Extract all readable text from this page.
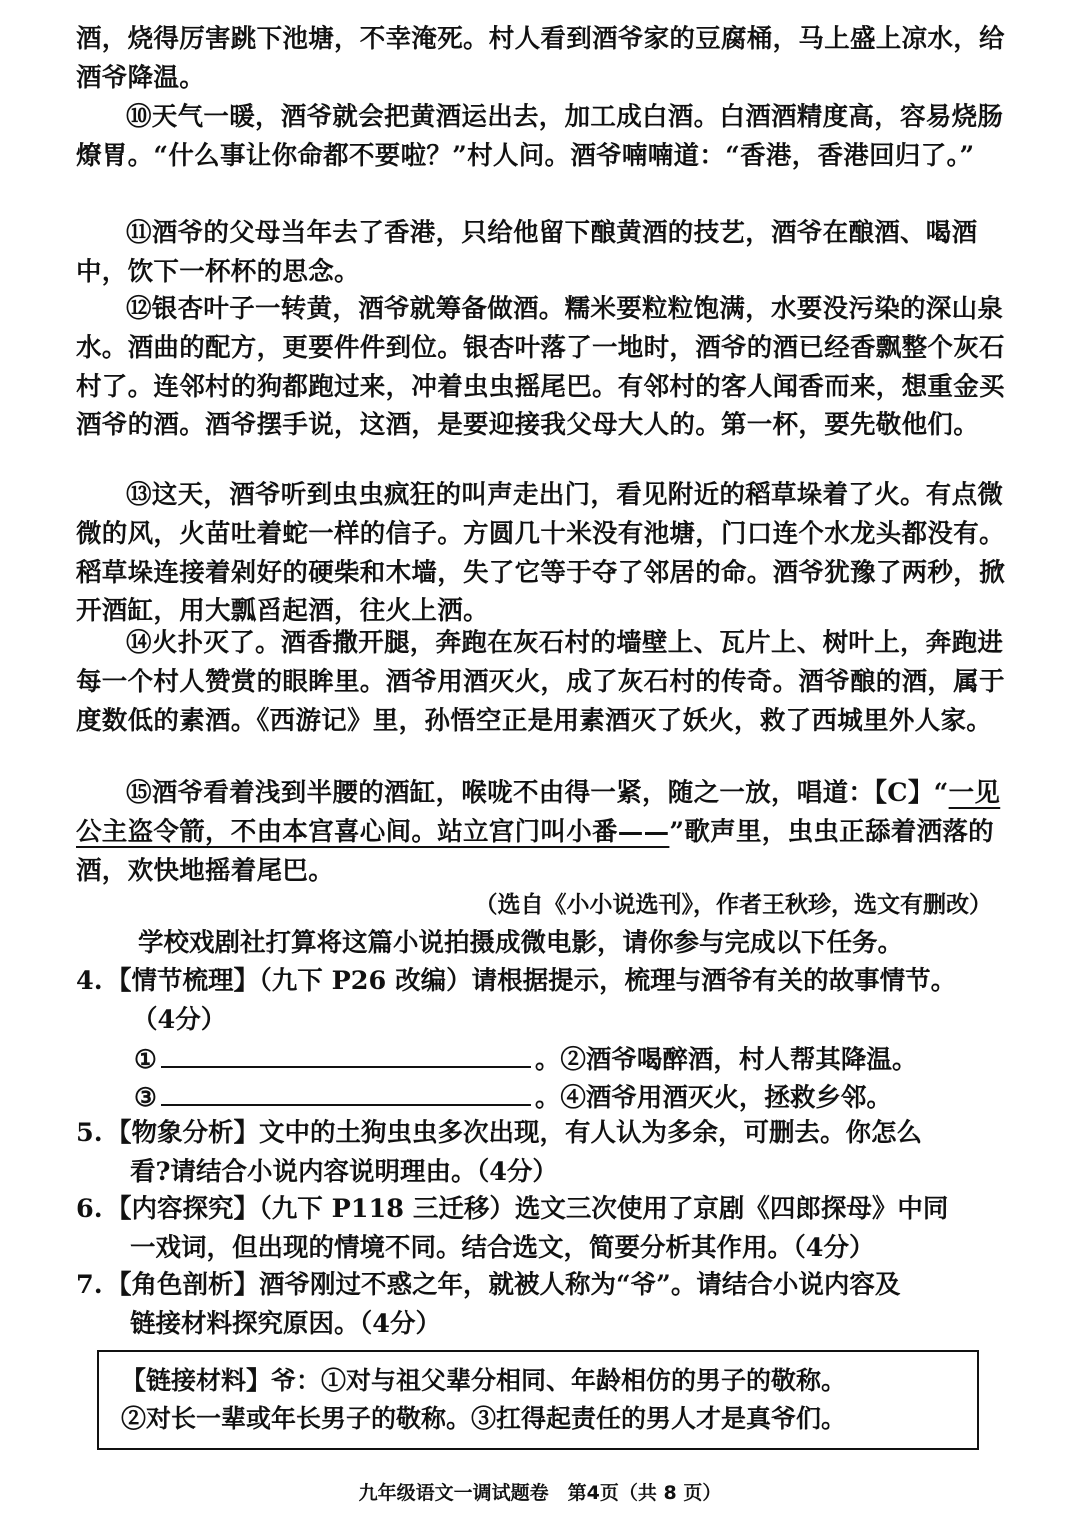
酒，烧得厉害跳下池塘，不幸淹死。村人看到酒爷家的豆腐桶，马上盛上凉水，给酒爷降温。

⑩天气一暖，酒爷就会把黄酒运出去，加工成白酒。白酒酒精度高，容易烧肠燎胃。“什么事让你命都不要啦？”村人问。酒爷喃喃道：“香港，香港回归了。”

⑪酒爷的父母当年去了香港，只给他留下酿黄酒的技艺，酒爷在酿酒、喝酒中，饮下一杯杯的思念。

⑫银杏叶子一转黄，酒爷就筹备做酒。糯米要粒粒饱满，水要没污染的深山泉水。酒曲的配方，更要件件到位。银杏叶落了一地时，酒爷的酒已经香飘整个灰石村了。连邻村的狗都跑过来，冲着虫虫摇尾巴。有邻村的客人闻香而来，想重金买酒爷的酒。酒爷摆手说，这酒，是要迎接我父母大人的。第一杯，要先敬他们。

⑬这天，酒爷听到虫虫疯狂的叫声走出门，看见附近的稻草垛着了火。有点微微的风，火苗吐着蛇一样的信子。方圆几十米没有池塘，门口连个水龙头都没有。稻草垛连接着剁好的硬柴和木墙，失了它等于夺了邻居的命。酒爷犹豫了两秒，掀开酒缸，用大瓢舀起酒，往火上洒。

⑭火扑灭了。酒香撒开腿，奔跑在灰石村的墙壁上、瓦片上、树叶上，奔跑进每一个村人赞赏的眼眸里。酒爷用酒灭火，成了灰石村的传奇。酒爷酿的酒，属于度数低的素酒。《西游记》里，孙悟空正是用素酒灭了妖火，救了西城里外人家。

⑮酒爷看着浅到半腰的酒缸，喉咙不由得一紧，随之一放，唱道：【C】“一见公主盗令箭，不由本宫喜心间。站立宫门叫小番——”歌声里，虫虫正舔着洒落的酒，欢快地摇着尾巴。

（选自《小小说选刊》，作者王秋珍，选文有删改）

学校戏剧社打算将这篇小说拍摄成微电影，请你参与完成以下任务。

4. 【情节梳理】（九下 P26 改编）请根据提示，梳理与酒爷有关的故事情节。
（4分）
①	。②酒爷喝醉酒，村人帮其降温。
③	。④酒爷用酒灭火，拯救乡邻。
5. 【物象分析】文中的土狗虫虫多次出现，有人认为多余，可删去。你怎么
看?请结合小说内容说明理由。（4分）
6. 【内容探究】（九下 P118 三迁移）选文三次使用了京剧《四郎探母》中同
一戏词，但出现的情境不同。结合选文，简要分析其作用。（4分）
7. 【角色剖析】酒爷刚过不惑之年，就被人称为“爷”。请结合小说内容及
链接材料探究原因。（4分）

【链接材料】爷：①对与祖父辈分相同、年龄相仿的男子的敬称。

②对长一辈或年长男子的敬称。③扛得起责任的男人才是真爷们。

九年级语文一调试题卷　第4页（共 8 页）
